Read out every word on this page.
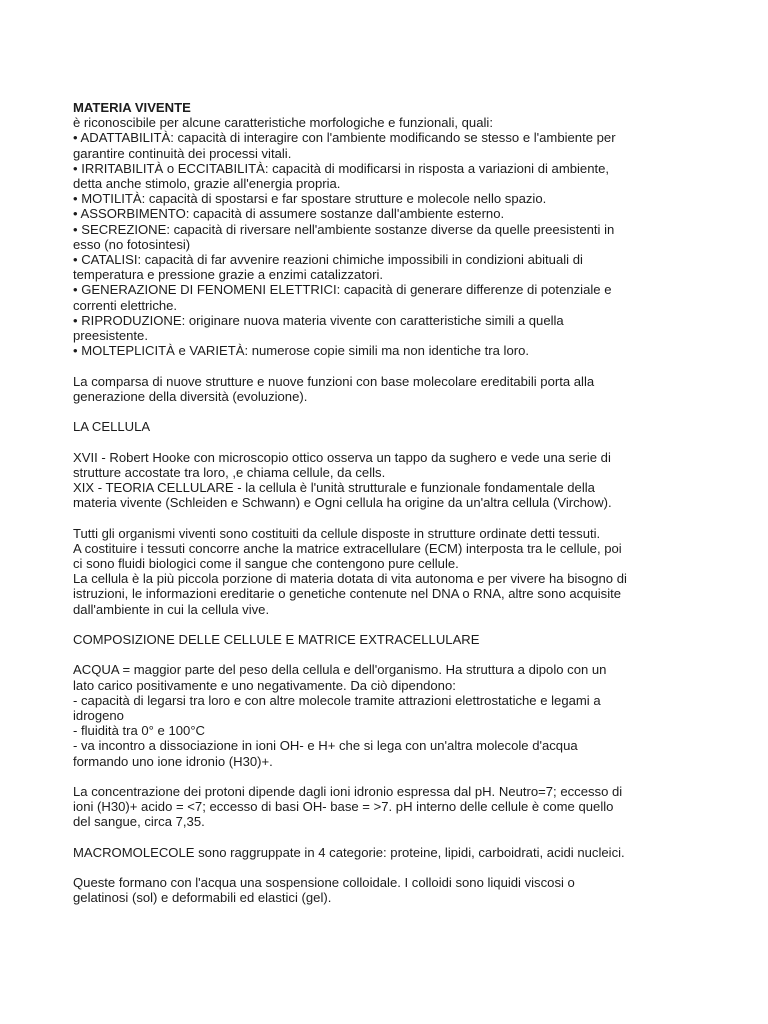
MATERIA VIVENTE

è riconoscibile per alcune caratteristiche morfologiche e funzionali, quali:

• ADATTABILITÀ: capacità di interagire con l'ambiente modificando se stesso e l'ambiente per
garantire continuità dei processi vitali.

• IRRITABILITÀ o ECCITABILITÀ: capacità di modificarsi in risposta a variazioni di ambiente,
detta anche stimolo, grazie all'energia propria.

• MOTILITÀ: capacità di spostarsi e far spostare strutture e molecole nello spazio.

• ASSORBIMENTO: capacità di assumere sostanze dall'ambiente esterno.

• SECREZIONE: capacità di riversare nell'ambiente sostanze diverse da quelle preesistenti in
esso (no fotosintesi)

• CATALISI: capacità di far avvenire reazioni chimiche impossibili in condizioni abituali di
temperatura e pressione grazie a enzimi catalizzatori.

• GENERAZIONE DI FENOMENI ELETTRICI: capacità di generare differenze di potenziale e
correnti elettriche.

• RIPRODUZIONE: originare nuova materia vivente con caratteristiche simili a quella
preesistente.

• MOLTEPLICITÀ e VARIETÀ: numerose copie simili ma non identiche tra loro.

La comparsa di nuove strutture e nuove funzioni con base molecolare ereditabili porta alla
generazione della diversità (evoluzione).

LA CELLULA

XVII - Robert Hooke con microscopio ottico osserva un tappo da sughero e vede una serie di
strutture accostate tra loro, ,e chiama cellule, da cells.

XIX - TEORIA CELLULARE - la cellula è l'unità strutturale e funzionale fondamentale della
materia vivente (Schleiden e Schwann) e Ogni cellula ha origine da un'altra cellula (Virchow).

Tutti gli organismi viventi sono costituiti da cellule disposte in strutture ordinate detti tessuti.

A costituire i tessuti concorre anche la matrice extracellulare (ECM) interposta tra le cellule, poi
ci sono fluidi biologici come il sangue che contengono pure cellule.

La cellula è la più piccola porzione di materia dotata di vita autonoma e per vivere ha bisogno di
istruzioni, le informazioni ereditarie o genetiche contenute nel DNA o RNA, altre sono acquisite
dall'ambiente in cui la cellula vive.

COMPOSIZIONE DELLE CELLULE E MATRICE EXTRACELLULARE

ACQUA = maggior parte del peso della cellula e dell'organismo. Ha struttura a dipolo con un
lato carico positivamente e uno negativamente. Da ciò dipendono:

- capacità di legarsi tra loro e con altre molecole tramite attrazioni elettrostatiche e legami a
idrogeno

- fluidità tra 0° e 100°C

- va incontro a dissociazione in ioni OH- e H+ che si lega con un'altra molecole d'acqua
formando uno ione idronio (H30)+.

La concentrazione dei protoni dipende dagli ioni idronio espressa dal pH. Neutro=7; eccesso di
ioni (H30)+ acido = <7; eccesso di basi OH- base = >7. pH interno delle cellule è come quello
del sangue, circa 7,35.

MACROMOLECOLE sono raggruppate in 4 categorie: proteine, lipidi, carboidrati, acidi nucleici.

Queste formano con l'acqua una sospensione colloidale. I colloidi sono liquidi viscosi o
gelatinosi (sol) e deformabili ed elastici (gel).
